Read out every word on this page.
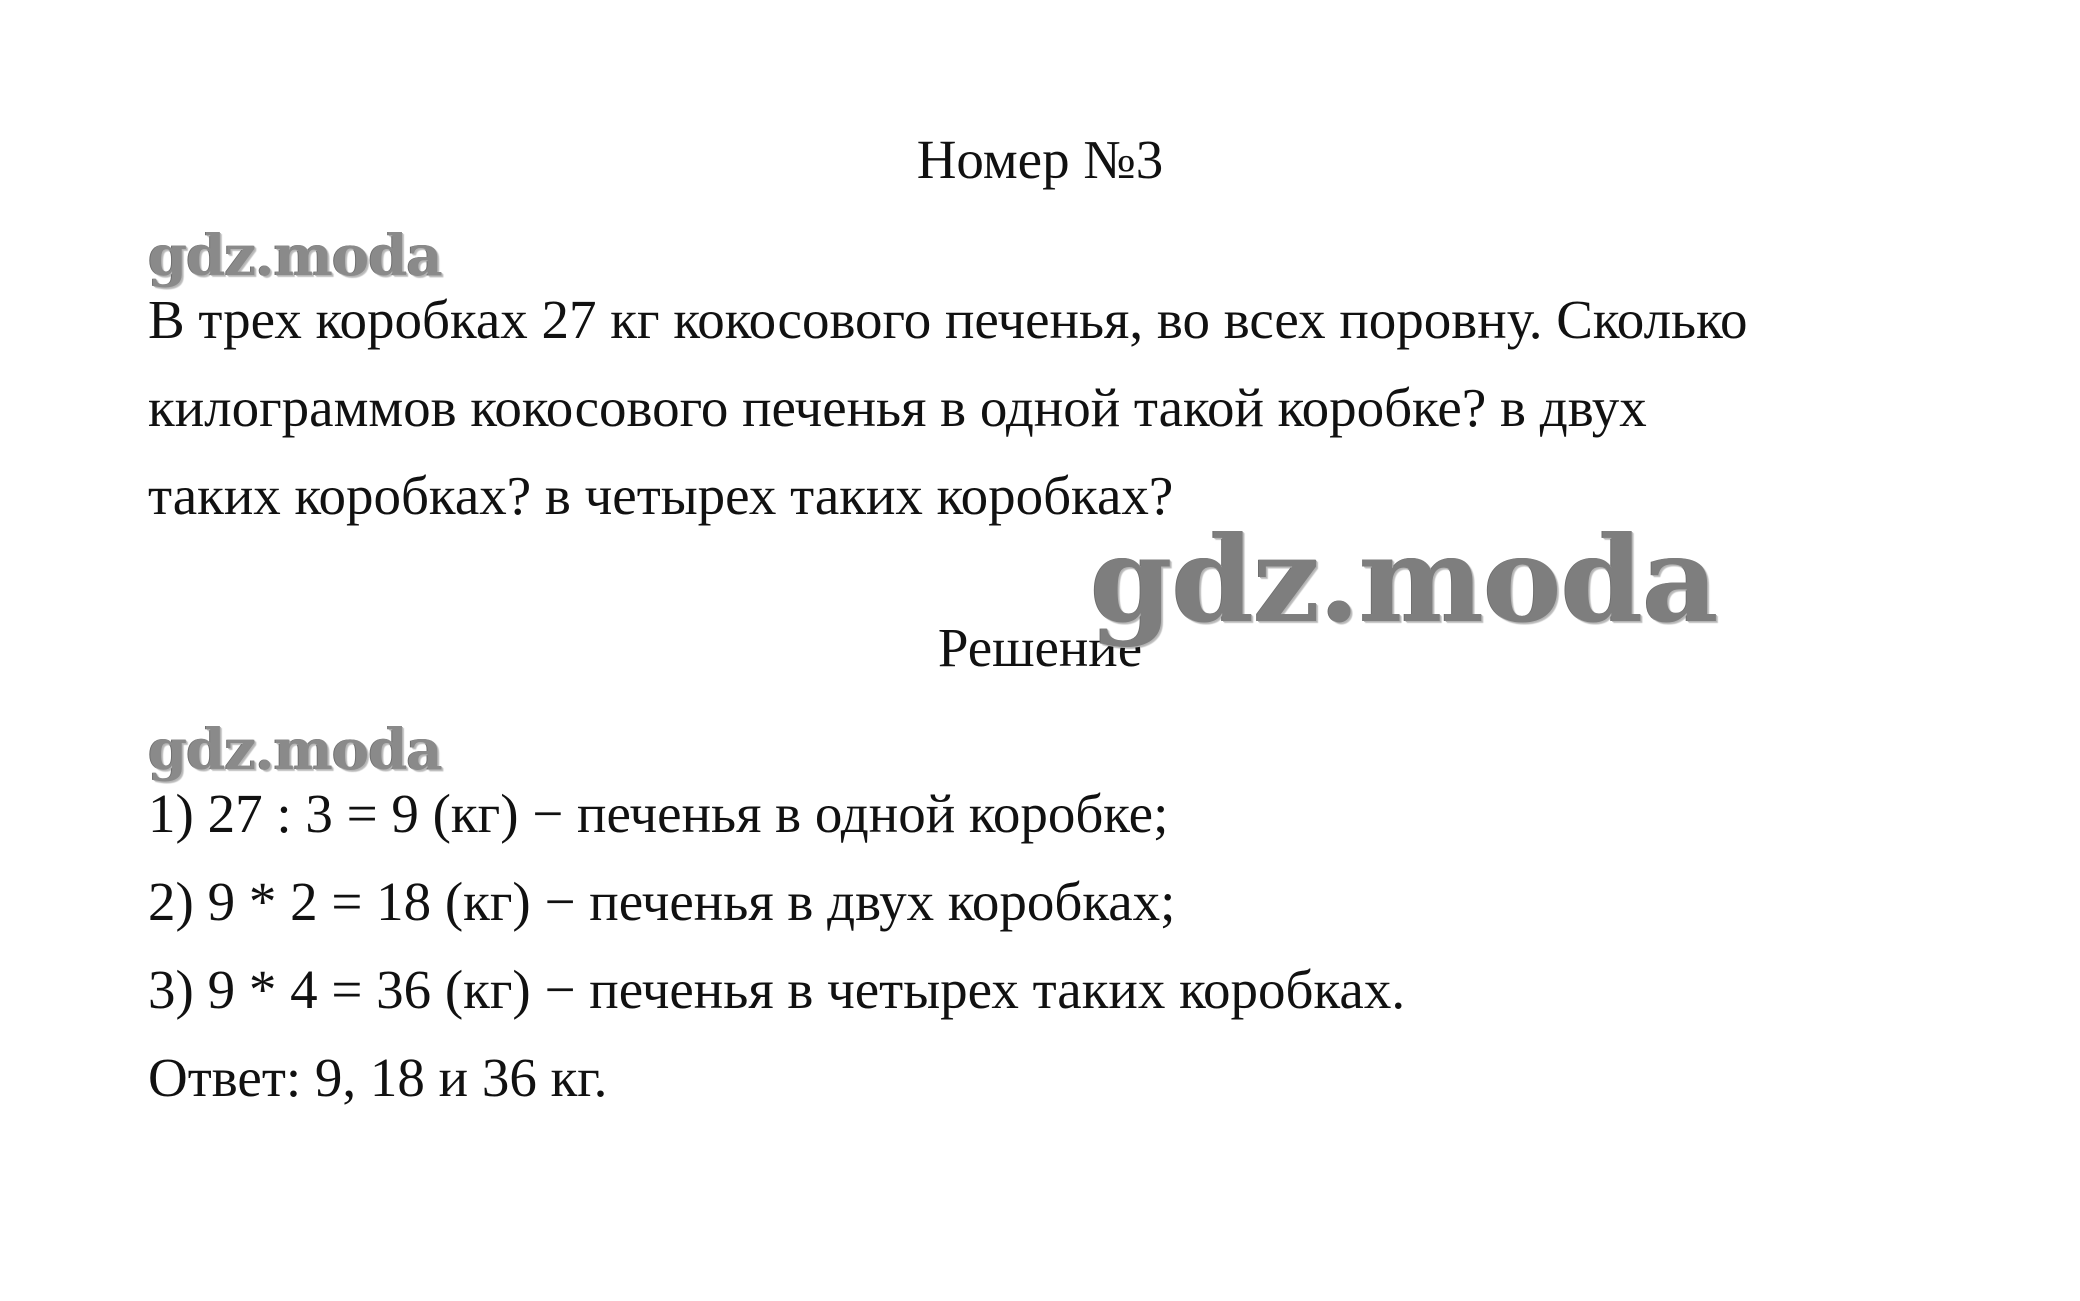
Номер №3
gdz.moda
В трех коробках 27 кг кокосового печенья, во всех поровну. Сколько
килограммов кокосового печенья в одной такой коробке? в двух
таких коробках? в четырех таких коробках?
Решение
gdz.moda
gdz.moda
1) 27 : 3 = 9 (кг) − печенья в одной коробке;
2) 9 * 2 = 18 (кг) − печенья в двух коробках;
3) 9 * 4 = 36 (кг) − печенья в четырех таких коробках.
Ответ: 9, 18 и 36 кг.
